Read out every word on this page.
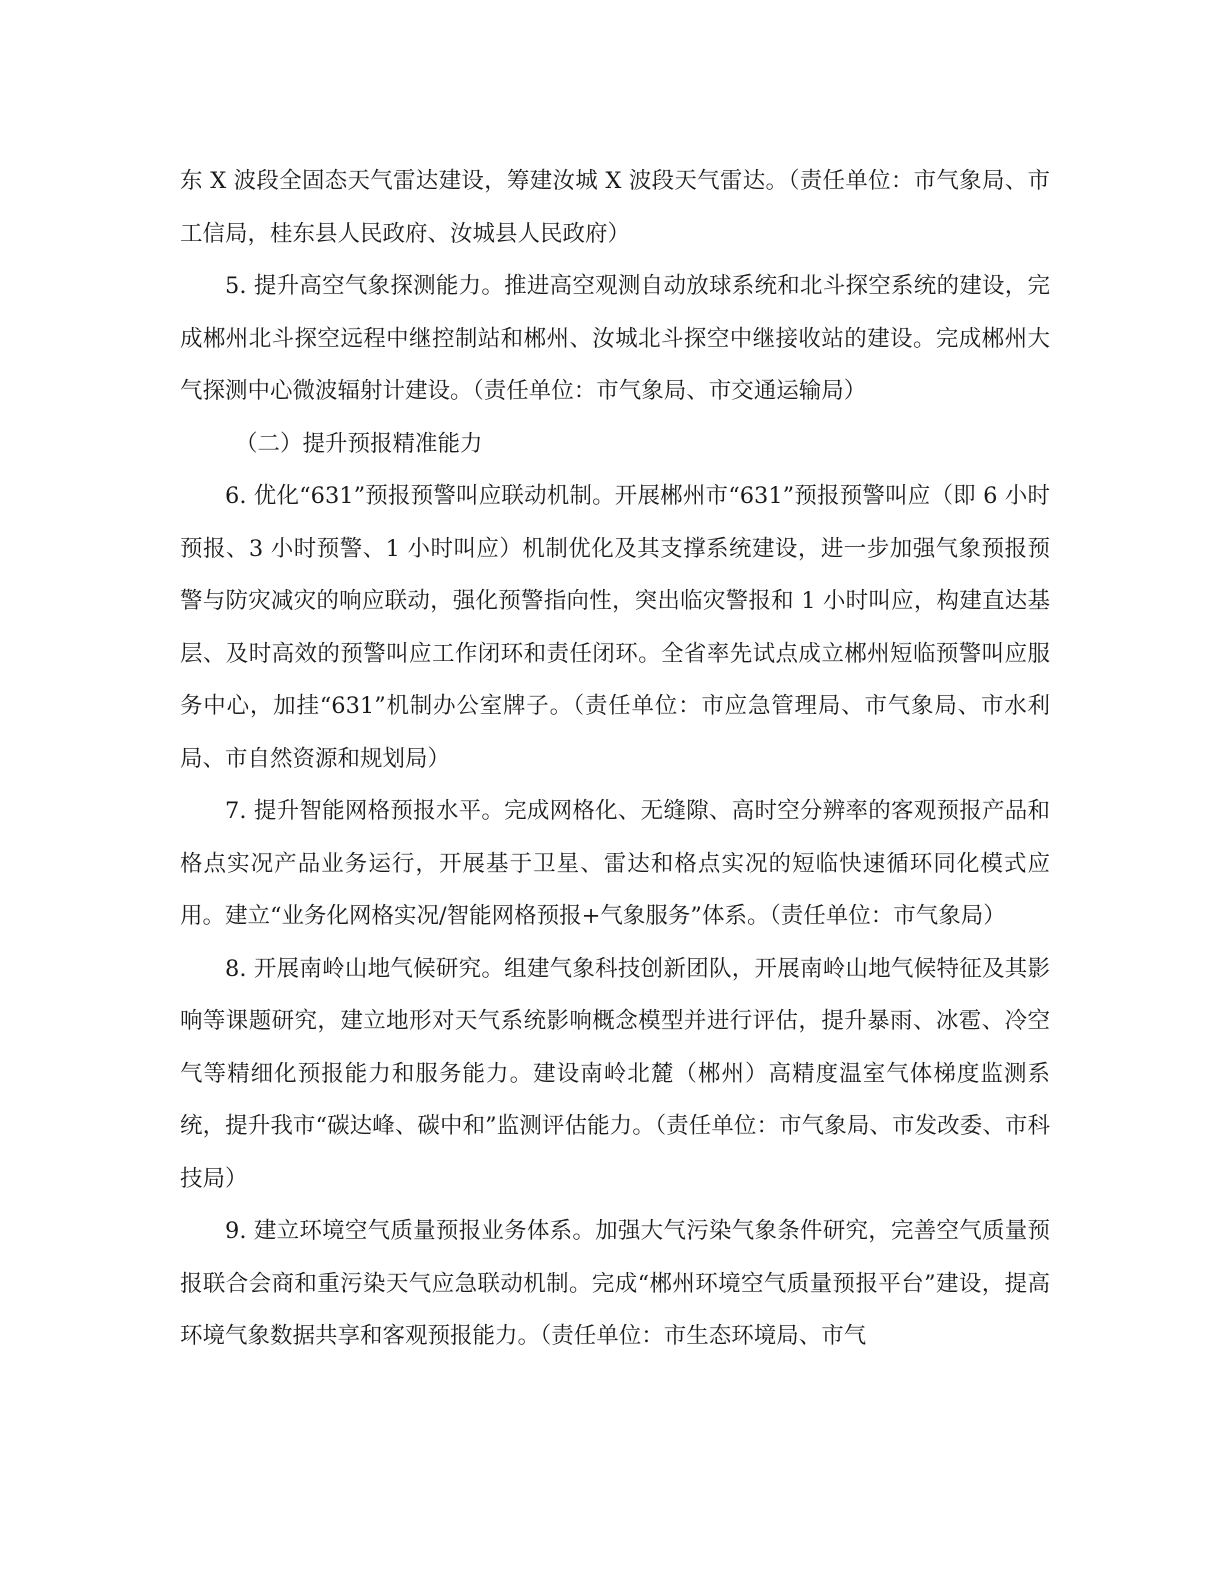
东 X 波段全固态天气雷达建设，筹建汝城 X 波段天气雷达。（责任单位：市气象局、市工信局，桂东县人民政府、汝城县人民政府）

5. 提升高空气象探测能力。推进高空观测自动放球系统和北斗探空系统的建设，完成郴州北斗探空远程中继控制站和郴州、汝城北斗探空中继接收站的建设。完成郴州大气探测中心微波辐射计建设。（责任单位：市气象局、市交通运输局）

（二）提升预报精准能力

6. 优化“631”预报预警叫应联动机制。开展郴州市“631”预报预警叫应（即 6 小时预报、3 小时预警、1 小时叫应）机制优化及其支撑系统建设，进一步加强气象预报预警与防灾减灾的响应联动，强化预警指向性，突出临灾警报和 1 小时叫应，构建直达基层、及时高效的预警叫应工作闭环和责任闭环。全省率先试点成立郴州短临预警叫应服务中心，加挂“631”机制办公室牌子。（责任单位：市应急管理局、市气象局、市水利局、市自然资源和规划局）

7. 提升智能网格预报水平。完成网格化、无缝隙、高时空分辨率的客观预报产品和格点实况产品业务运行，开展基于卫星、雷达和格点实况的短临快速循环同化模式应用。建立“业务化网格实况/智能网格预报+气象服务”体系。（责任单位：市气象局）

8. 开展南岭山地气候研究。组建气象科技创新团队，开展南岭山地气候特征及其影响等课题研究，建立地形对天气系统影响概念模型并进行评估，提升暴雨、冰雹、冷空气等精细化预报能力和服务能力。建设南岭北麓（郴州）高精度温室气体梯度监测系统，提升我市“碳达峰、碳中和”监测评估能力。（责任单位：市气象局、市发改委、市科技局）

9. 建立环境空气质量预报业务体系。加强大气污染气象条件研究，完善空气质量预报联合会商和重污染天气应急联动机制。完成“郴州环境空气质量预报平台”建设，提高环境气象数据共享和客观预报能力。（责任单位：市生态环境局、市气
